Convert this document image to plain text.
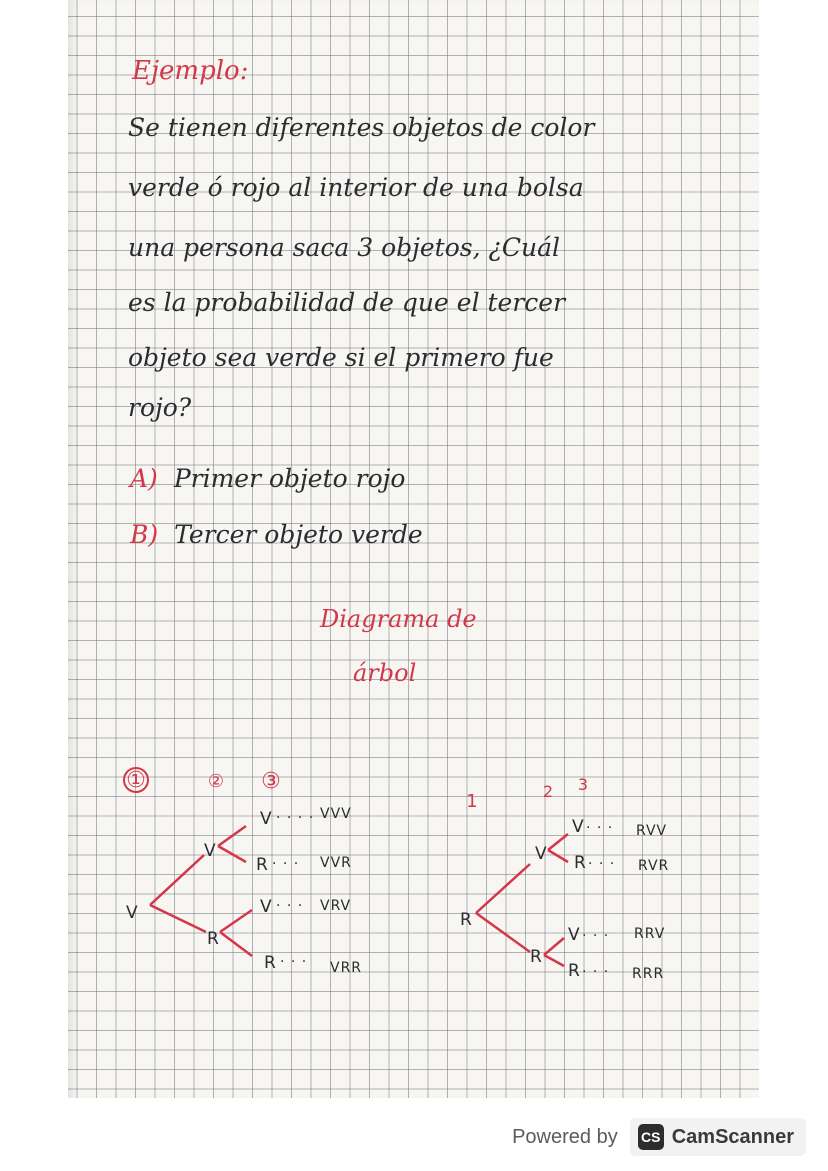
Ejemplo:
Se tienen diferentes objetos de color
verde ó rojo al interior de una bolsa
una persona saca 3 objetos, ¿Cuál
es la probabilidad de que el tercer
objeto sea verde si el primero fue
rojo?
A) Primer objeto rojo
B) Tercer objeto verde
Diagrama de
árbol
①	② ③
V
V
R
V
R
V
R
· · · ·
· · ·
· · ·
· · ·
VVV
VVR
VRV
VRR
1	2 3
R
V
R
V
R
V
R
· · ·
· · ·
· · ·
· · ·
RVV
RVR
RRV
RRR
Powered by CS CamScanner
